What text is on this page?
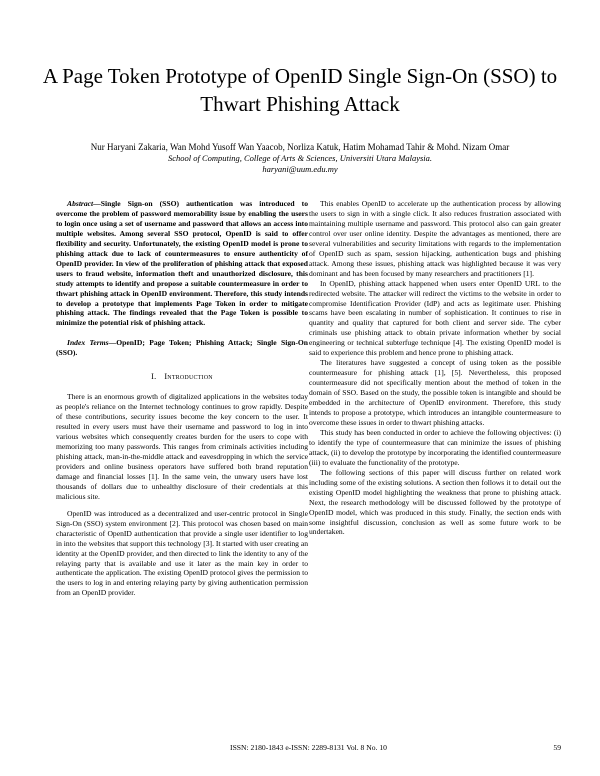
A Page Token Prototype of OpenID Single Sign-On (SSO) to Thwart Phishing Attack
Nur Haryani Zakaria, Wan Mohd Yusoff Wan Yaacob, Norliza Katuk, Hatim Mohamad Tahir & Mohd. Nizam Omar
School of Computing, College of Arts & Sciences, Universiti Utara Malaysia.
haryani@uum.edu.my

Abstract—Single Sign-on (SSO) authentication was introduced to overcome the problem of password memorability issue by enabling the users to login once using a set of username and password that allows an access into multiple websites. Among several SSO protocol, OpenID is said to offer flexibility and security. Unfortunately, the existing OpenID model is prone to phishing attack due to lack of countermeasures to ensure authenticity of OpenID provider. In view of the proliferation of phishing attack that exposed users to fraud website, information theft and unauthorized disclosure, this study attempts to identify and propose a suitable countermeasure in order to thwart phishing attack in OpenID environment. Therefore, this study intends to develop a prototype that implements Page Token in order to mitigate phishing attack. The findings revealed that the Page Token is possible to minimize the potential risk of phishing attack.

Index Terms—OpenID; Page Token; Phishing Attack; Single Sign-On (SSO).

I. Introduction

There is an enormous growth of digitalized applications in the websites today as people's reliance on the Internet technology continues to grow rapidly. Despite of these contributions, security issues become the key concern to the user. It resulted in every users must have their username and password to log in into various websites which consequently creates burden for the users to cope with memorizing too many passwords. This ranges from criminals activities including phishing attack, man-in-the-middle attack and eavesdropping in which the service providers and online business operators have suffered both brand reputation damage and financial losses [1]. In the same vein, the unwary users have lost thousands of dollars due to unhealthy disclosure of their credentials at this malicious site.

OpenID was introduced as a decentralized and user-centric protocol in Single Sign-On (SSO) system environment [2]. This protocol was chosen based on main characteristic of OpenID authentication that provide a single user identifier to log in into the websites that support this technology [3]. It started with user creating an identity at the OpenID provider, and then directed to link the identity to any of the relaying party that is available and use it later as the main key in order to authenticate the application. The existing OpenID protocol gives the permission to the users to log in and entering relaying party by giving authentication permission from an OpenID provider.

This enables OpenID to accelerate up the authentication process by allowing the users to sign in with a single click. It also reduces frustration associated with maintaining multiple username and password. This protocol also can gain greater control over user online identity. Despite the advantages as mentioned, there are several vulnerabilities and security limitations with regards to the implementation of OpenID such as spam, session hijacking, authentication bugs and phishing attack. Among these issues, phishing attack was highlighted because it was very dominant and has been focused by many researchers and practitioners [1].

In OpenID, phishing attack happened when users enter OpenID URL to the redirected website. The attacker will redirect the victims to the website in order to compromise Identification Provider (IdP) and acts as legitimate user. Phishing scams have been escalating in number of sophistication. It continues to rise in quantity and quality that captured for both client and server side. The cyber criminals use phishing attack to obtain private information whether by social engineering or technical subterfuge technique [4]. The existing OpenID model is said to experience this problem and hence prone to phishing attack.

The literatures have suggested a concept of using token as the possible countermeasure for phishing attack [1], [5]. Nevertheless, this proposed countermeasure did not specifically mention about the method of token in the domain of SSO. Based on the study, the possible token is intangible and should be embedded in the architecture of OpenID environment. Therefore, this study intends to propose a prototype, which introduces an intangible countermeasure to overcome these issues in order to thwart phishing attacks.

This study has been conducted in order to achieve the following objectives: (i) to identify the type of countermeasure that can minimize the issues of phishing attack, (ii) to develop the prototype by incorporating the identified countermeasure (iii) to evaluate the functionality of the prototype.

The following sections of this paper will discuss further on related work including some of the existing solutions. A section then follows it to detail out the existing OpenID model highlighting the weakness that prone to phishing attack. Next, the research methodology will be discussed followed by the prototype of OpenID model, which was produced in this study. Finally, the section ends with some insightful discussion, conclusion as well as some future work to be undertaken.

ISSN: 2180-1843 e-ISSN: 2289-8131 Vol. 8 No. 10	59
